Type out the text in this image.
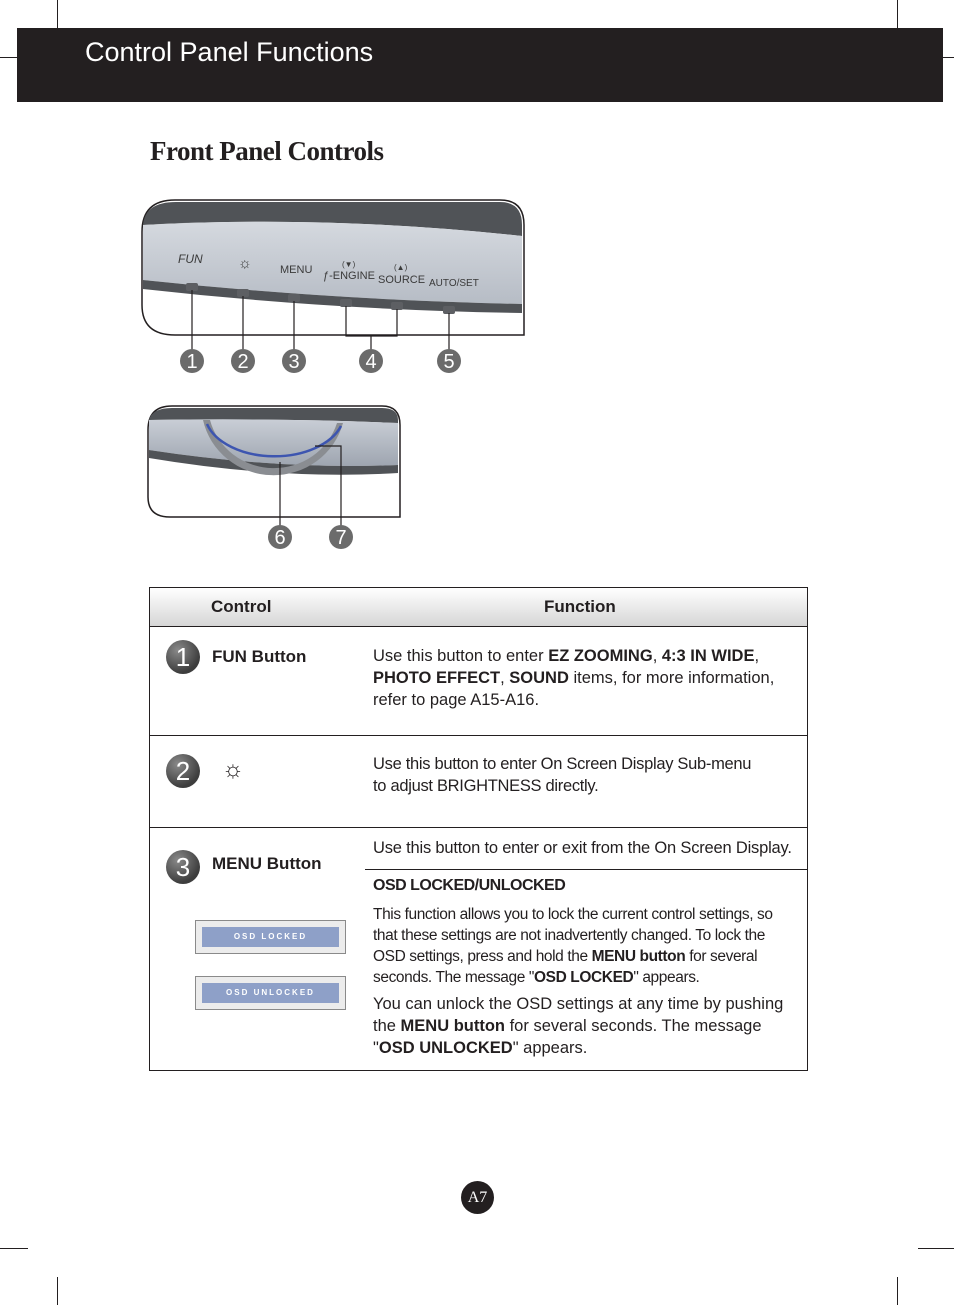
Control Panel Functions
Front Panel Controls
FUN ☼	MENU	(▼)
ƒ-ENGINE
(▲)
SOURCE AUTO/SET
1 2 3	4	5
6 7
Control	Function
1	FUN Button	Use this button to enter EZ ZOOMING, 4:3 IN WIDE, PHOTO EFFECT, SOUND items, for more information, refer to page A15-A16.
2	☼	Use this button to enter On Screen Display Sub-menu
to adjust BRIGHTNESS directly.
3	MENU Button
Use this button to enter or exit from the On Screen Display.
OSD LOCKED/UNLOCKED
This function allows you to lock the current control settings, so that these settings are not inadvertently changed. To lock the OSD settings, press and hold the MENU button for several seconds. The message "OSD LOCKED" appears.
You can unlock the OSD settings at any time by pushing the MENU button for several seconds. The message "OSD UNLOCKED" appears.
OSD LOCKED
OSD UNLOCKED
A7
